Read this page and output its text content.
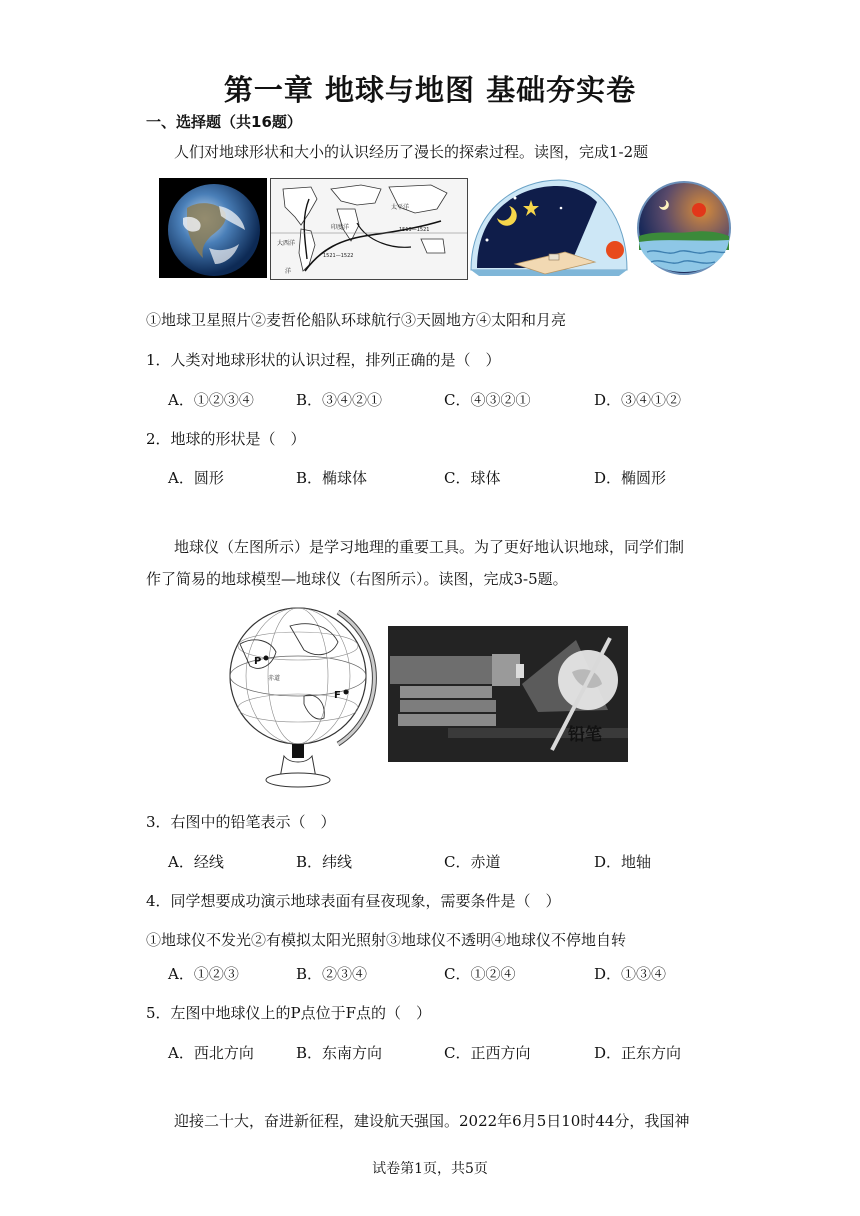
第一章 地球与地图 基础夯实卷
一、选择题（共16题）
人们对地球形状和大小的认识经历了漫长的探索过程。读图，完成1-2题
太平洋
大西洋
印度洋
洋
1519—1521
1521—1522
①地球卫星照片②麦哲伦船队环球航行③天圆地方④太阳和月亮
1．人类对地球形状的认识过程，排列正确的是（　）
A．①②③④	B．③④②①	C．④③②①	D．③④①②
2．地球的形状是（　）
A．圆形	B．椭球体	C．球体	D．椭圆形
地球仪（左图所示）是学习地理的重要工具。为了更好地认识地球，同学们制
作了简易的地球模型—地球仪（右图所示）。读图，完成3-5题。
P
F
赤道
铅笔
3．右图中的铅笔表示（　）
A．经线	B．纬线	C．赤道	D．地轴
4．同学想要成功演示地球表面有昼夜现象，需要条件是（　）
①地球仪不发光②有模拟太阳光照射③地球仪不透明④地球仪不停地自转
A．①②③	B．②③④	C．①②④	D．①③④
5．左图中地球仪上的P点位于F点的（　）
A．西北方向	B．东南方向	C．正西方向	D．正东方向
迎接二十大，奋进新征程，建设航天强国。2022年6月5日10时44分，我国神
试卷第1页，共5页
